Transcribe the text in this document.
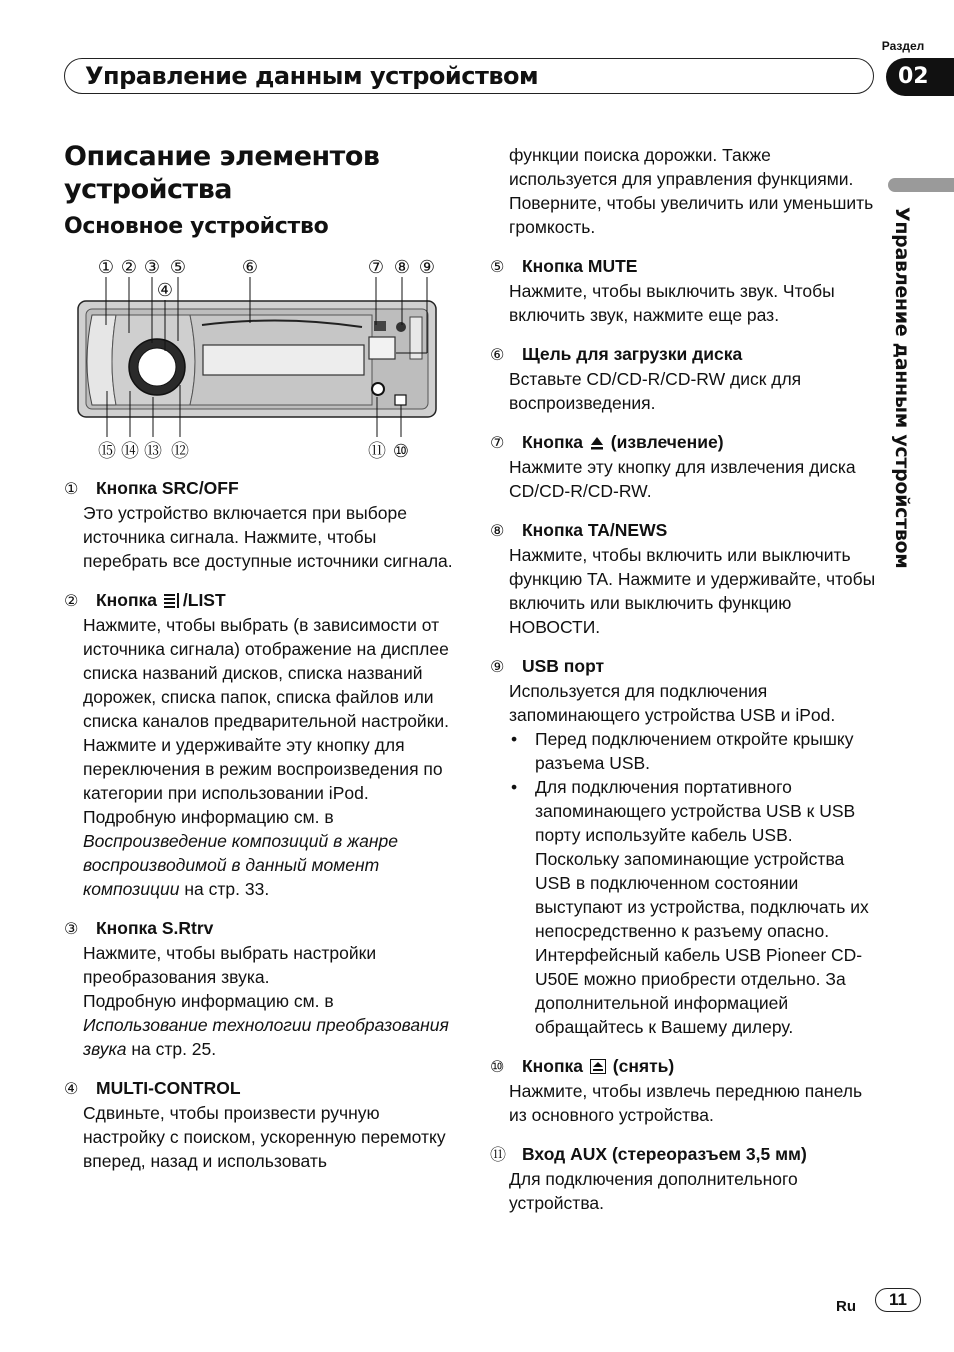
Раздел
Управление данным устройством	02
Управление данным устройством
Описание элементов устройства
Основное устройство
① ② ③ ⑤
④
⑥	⑦ ⑧ ⑨
⑮ ⑭ ⑬ ⑫	⑪ ⑩
①	Кнопка SRC/OFF

Это устройство включается при выборе источника сигнала. Нажмите, чтобы перебрать все доступные источники сигнала.

②	Кнопка /LIST

Нажмите, чтобы выбрать (в зависимости от источника сигнала) отображение на дисплее списка названий дисков, списка названий дорожек, списка папок, списка файлов или списка каналов предварительной настройки.

Нажмите и удерживайте эту кнопку для переключения в режим воспроизведения по категории при использовании iPod.

Подробную информацию см. в Воспроизведение композиций в жанре воспроизводимой в данный момент композиции на стр. 33.

③	Кнопка S.Rtrv

Нажмите, чтобы выбрать настройки преобразования звука.

Подробную информацию см. в Использование технологии преобразования звука на стр. 25.

④	MULTI-CONTROL

Сдвиньте, чтобы произвести ручную настройку с поиском, ускоренную перемотку вперед, назад и использовать

функции поиска дорожки. Также используется для управления функциями. Поверните, чтобы увеличить или уменьшить громкость.

⑤	Кнопка MUTE

Нажмите, чтобы выключить звук. Чтобы включить звук, нажмите еще раз.

⑥	Щель для загрузки диска

Вставьте CD/CD-R/CD-RW диск для воспроизведения.

⑦	Кнопка (извлечение)

Нажмите эту кнопку для извлечения диска CD/CD-R/CD-RW.

⑧	Кнопка TA/NEWS

Нажмите, чтобы включить или выключить функцию TA. Нажмите и удерживайте, чтобы включить или выключить функцию НОВОСТИ.

⑨	USB порт

Используется для подключения запоминающего устройства USB и iPod.

• Перед подключением откройте крышку разъема USB.
• Для подключения портативного запоминающего устройства USB к USB порту используйте кабель USB. Поскольку запоминающие устройства USB в подключенном состоянии выступают из устройства, подключать их непосредственно к разъему опасно. Интерфейсный кабель USB Pioneer CD-U50E можно приобрести отдельно. За дополнительной информацией обращайтесь к Вашему дилеру.
⑩	Кнопка (снять)

Нажмите, чтобы извлечь переднюю панель из основного устройства.

⑪ Вход AUX (стереоразъем 3,5 мм)

Для подключения дополнительного устройства.

Ru	11
